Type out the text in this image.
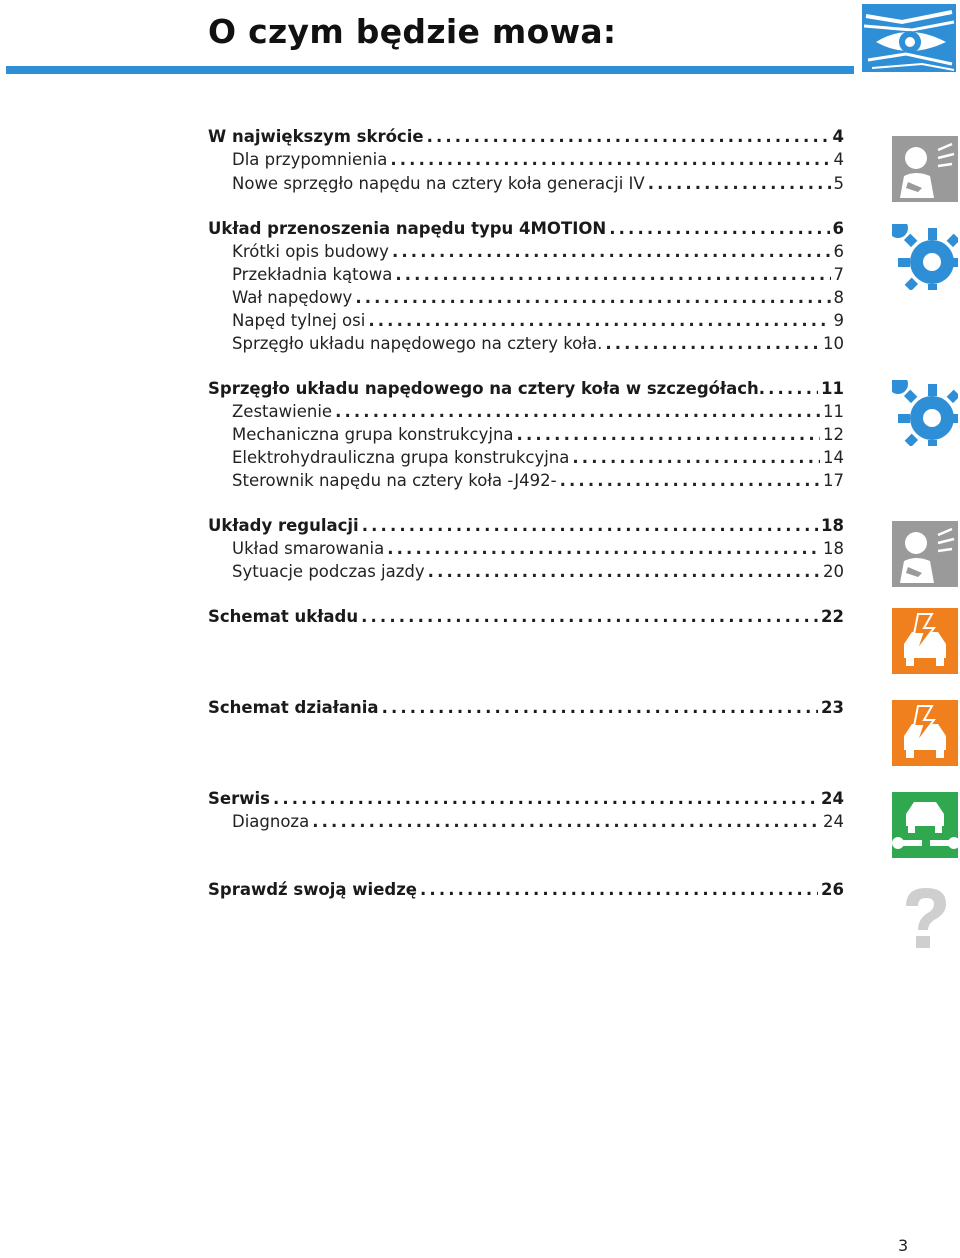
O czym będzie mowa:
W największym skrócie . . .	4
Dla przypomnienia . . .	4
Nowe sprzęgło napędu na cztery koła generacji IV . . .	5
Układ przenoszenia napędu typu 4MOTION . . .	6
Krótki opis budowy . . .	6
Przekładnia kątowa . . .	7
Wał napędowy . . .	8
Napęd tylnej osi . . .	9
Sprzęgło układu napędowego na cztery koła. . . .	10
Sprzęgło układu napędowego na cztery koła w szczegółach. . . .	11
Zestawienie . . .	11
Mechaniczna grupa konstrukcyjna . . .	12
Elektrohydrauliczna grupa konstrukcyjna . . .	14
Sterownik napędu na cztery koła -J492- . . .	17
Układy regulacji . . .	18
Układ smarowania . . .	18
Sytuacje podczas jazdy . . .	20
Schemat układu . . .	22
Schemat działania . . .	23
Serwis . . .	24
Diagnoza . . .	24
Sprawdź swoją wiedzę . . .	26
3
